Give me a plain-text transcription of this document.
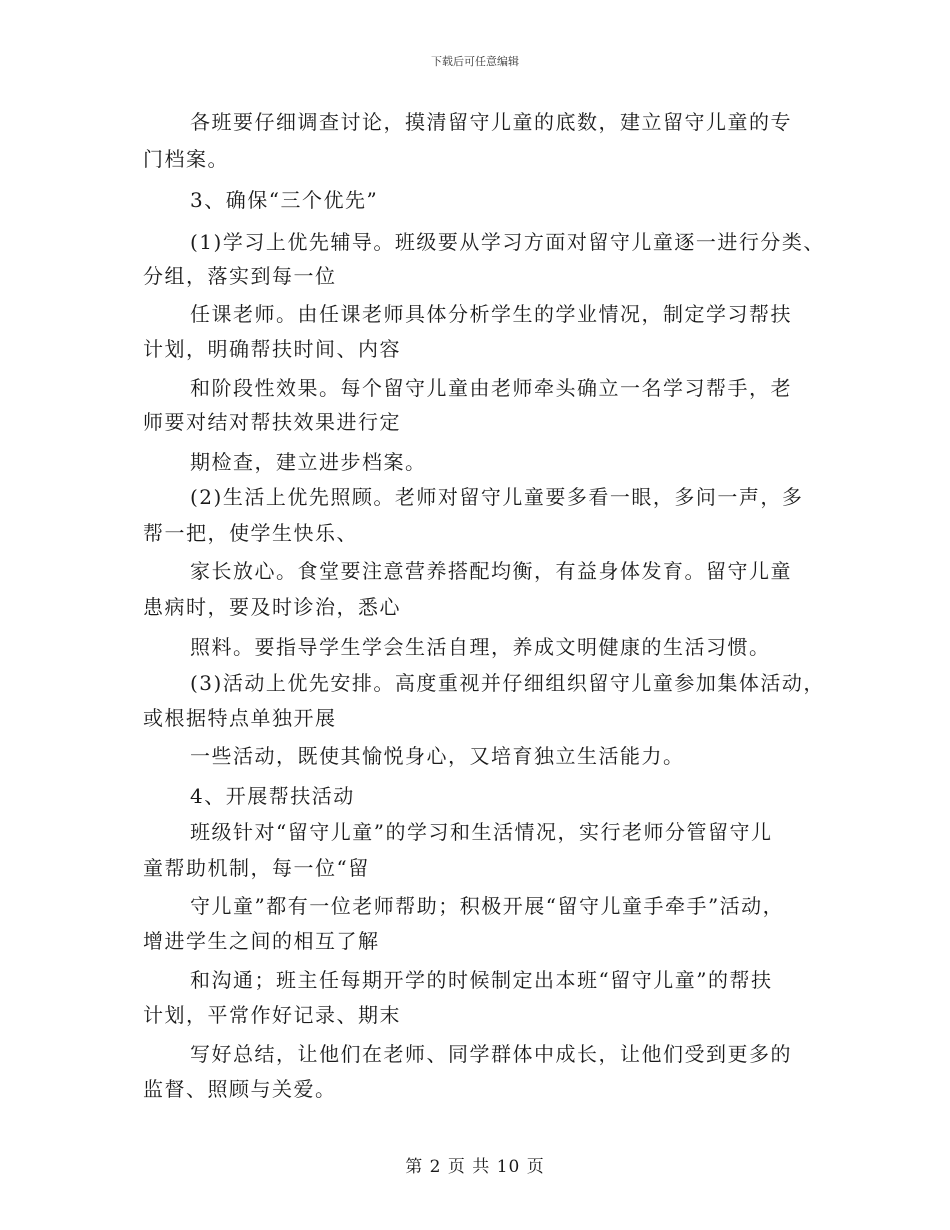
下载后可任意编辑
各班要仔细调查讨论，摸清留守儿童的底数，建立留守儿童的专
门档案。
3、确保“三个优先”
(1)学习上优先辅导。班级要从学习方面对留守儿童逐一进行分类、
分组，落实到每一位
任课老师。由任课老师具体分析学生的学业情况，制定学习帮扶
计划，明确帮扶时间、内容
和阶段性效果。每个留守儿童由老师牵头确立一名学习帮手，老
师要对结对帮扶效果进行定
期检查，建立进步档案。
(2)生活上优先照顾。老师对留守儿童要多看一眼，多问一声，多
帮一把，使学生快乐、
家长放心。食堂要注意营养搭配均衡，有益身体发育。留守儿童
患病时，要及时诊治，悉心
照料。要指导学生学会生活自理，养成文明健康的生活习惯。
(3)活动上优先安排。高度重视并仔细组织留守儿童参加集体活动，
或根据特点单独开展
一些活动，既使其愉悦身心，又培育独立生活能力。
4、开展帮扶活动
班级针对“留守儿童”的学习和生活情况，实行老师分管留守儿
童帮助机制，每一位“留
守儿童”都有一位老师帮助；积极开展“留守儿童手牵手”活动，
增进学生之间的相互了解
和沟通；班主任每期开学的时候制定出本班“留守儿童”的帮扶
计划，平常作好记录、期末
写好总结，让他们在老师、同学群体中成长，让他们受到更多的
监督、照顾与关爱。
第 2 页 共 10 页
